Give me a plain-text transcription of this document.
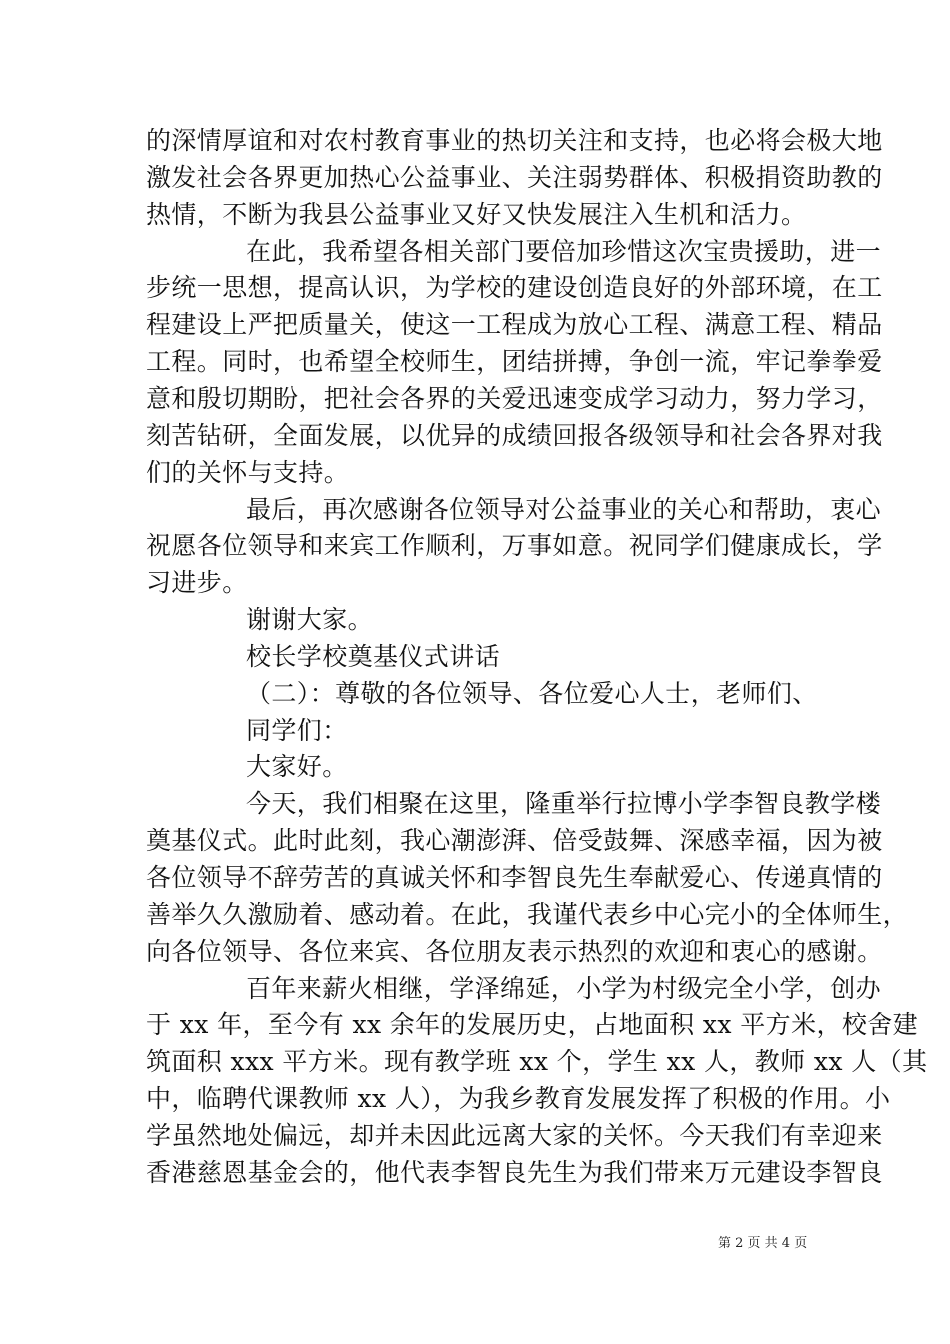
的深情厚谊和对农村教育事业的热切关注和支持，也必将会极大地
激发社会各界更加热心公益事业、关注弱势群体、积极捐资助教的
热情，不断为我县公益事业又好又快发展注入生机和活力。
在此，我希望各相关部门要倍加珍惜这次宝贵援助，进一
步统一思想，提高认识，为学校的建设创造良好的外部环境，在工
程建设上严把质量关，使这一工程成为放心工程、满意工程、精品
工程。同时，也希望全校师生，团结拼搏，争创一流，牢记拳拳爱
意和殷切期盼，把社会各界的关爱迅速变成学习动力，努力学习，
刻苦钻研，全面发展，以优异的成绩回报各级领导和社会各界对我
们的关怀与支持。
最后，再次感谢各位领导对公益事业的关心和帮助，衷心
祝愿各位领导和来宾工作顺利，万事如意。祝同学们健康成长，学
习进步。
谢谢大家。
校长学校奠基仪式讲话
（二）：尊敬的各位领导、各位爱心人士，老师们、
同学们：
大家好。
今天，我们相聚在这里，隆重举行拉博小学李智良教学楼
奠基仪式。此时此刻，我心潮澎湃、倍受鼓舞、深感幸福，因为被
各位领导不辞劳苦的真诚关怀和李智良先生奉献爱心、传递真情的
善举久久激励着、感动着。在此，我谨代表乡中心完小的全体师生，
向各位领导、各位来宾、各位朋友表示热烈的欢迎和衷心的感谢。
百年来薪火相继，学泽绵延，小学为村级完全小学，创办
于 xx 年，至今有 xx 余年的发展历史，占地面积 xx 平方米，校舍建
筑面积 xxx 平方米。现有教学班 xx 个，学生 xx 人，教师 xx 人（其
中，临聘代课教师 xx 人），为我乡教育发展发挥了积极的作用。小
学虽然地处偏远，却并未因此远离大家的关怀。今天我们有幸迎来
香港慈恩基金会的，他代表李智良先生为我们带来万元建设李智良
第 2 页 共 4 页
